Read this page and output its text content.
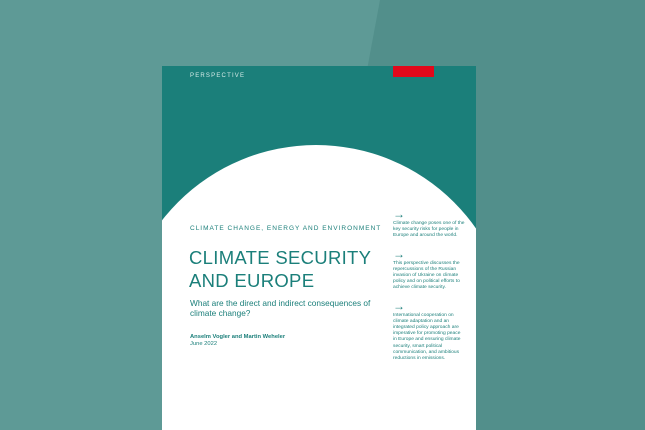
PERSPECTIVE
CLIMATE CHANGE, ENERGY AND ENVIRONMENT
CLIMATE SECURITY
AND EUROPE
What are the direct and indirect consequences of climate change?
Anselm Vogler and Martin Weheler
June 2022
→
Climate change poses one of the key security risks for people in Europe and around the world.
→
This perspective discusses the repercussions of the Russian invasion of Ukraine on climate policy and on political efforts to achieve climate security.
→
International cooperation on climate adaptation and an integrated policy approach are imperative for promoting peace in Europe and ensuring climate security, smart political communication, and ambitious reductions in emissions.
